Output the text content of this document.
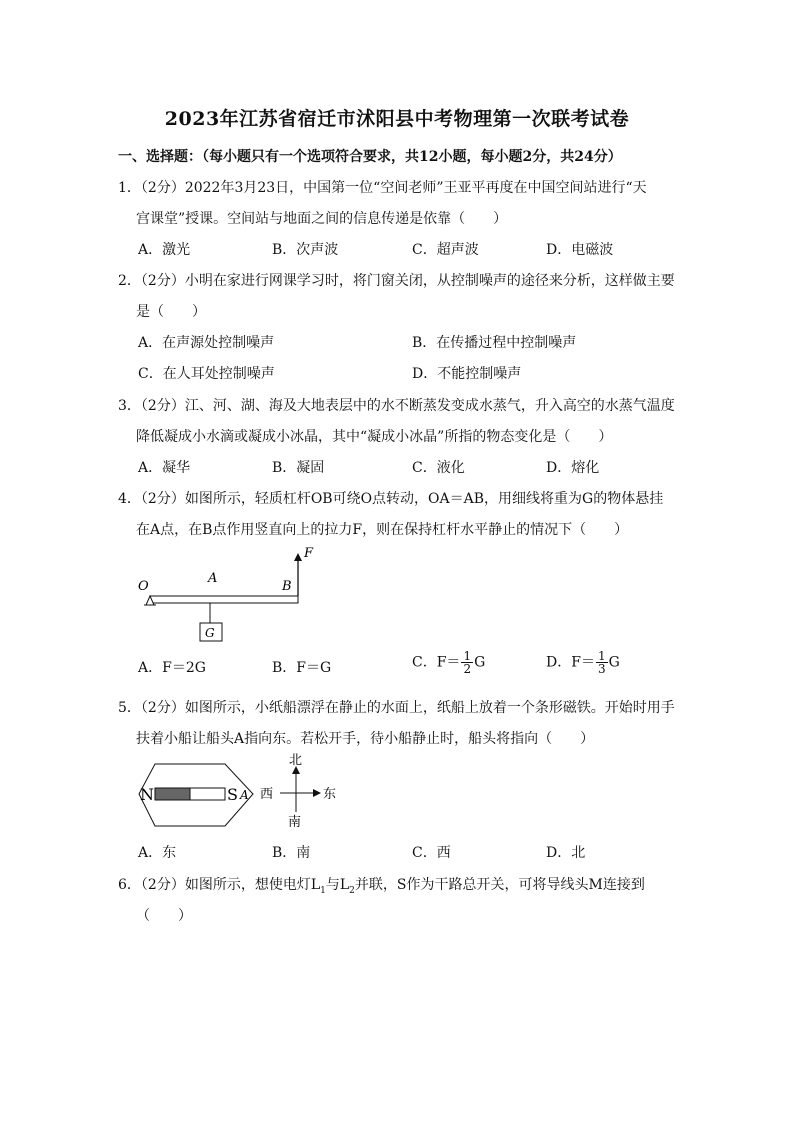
2023年江苏省宿迁市沭阳县中考物理第一次联考试卷
一、选择题：（每小题只有一个选项符合要求，共12小题，每小题2分，共24分）
1．（2分）2022年3月23日，中国第一位“空间老师”王亚平再度在中国空间站进行“天
宫课堂”授课。空间站与地面之间的信息传递是依靠（　　）
A．激光	B．次声波	C．超声波	D．电磁波
2．（2分）小明在家进行网课学习时，将门窗关闭，从控制噪声的途径来分析，这样做主要
是（　　）
A．在声源处控制噪声	B．在传播过程中控制噪声
C．在人耳处控制噪声	D．不能控制噪声
3．（2分）江、河、湖、海及大地表层中的水不断蒸发变成水蒸气，升入高空的水蒸气温度
降低凝成小水滴或凝成小冰晶，其中“凝成小冰晶”所指的物态变化是（　　）
A．凝华	B．凝固	C．液化	D．熔化
4．（2分）如图所示，轻质杠杆OB可绕O点转动，OA＝AB，用细线将重为G的物体悬挂
在A点，在B点作用竖直向上的拉力F，则在保持杠杆水平静止的情况下（　　）
O
A
B
F
G
A．F＝2G	B．F＝G	C．$F= \frac{1}{2}$ G	D．$F= \frac{1}{3}$ G
5．（2分）如图所示，小纸船漂浮在静止的水面上，纸船上放着一个条形磁铁。开始时用手
扶着小船让船头A指向东。若松开手，待小船静止时，船头将指向（　　）
N	S A
北
南
西	东
A．东	B．南	C．西	D．北
6．（2分）如图所示，想使电灯$L_1$与$L_2$并联，S作为干路总开关，可将导线头M连接到
（　　）
